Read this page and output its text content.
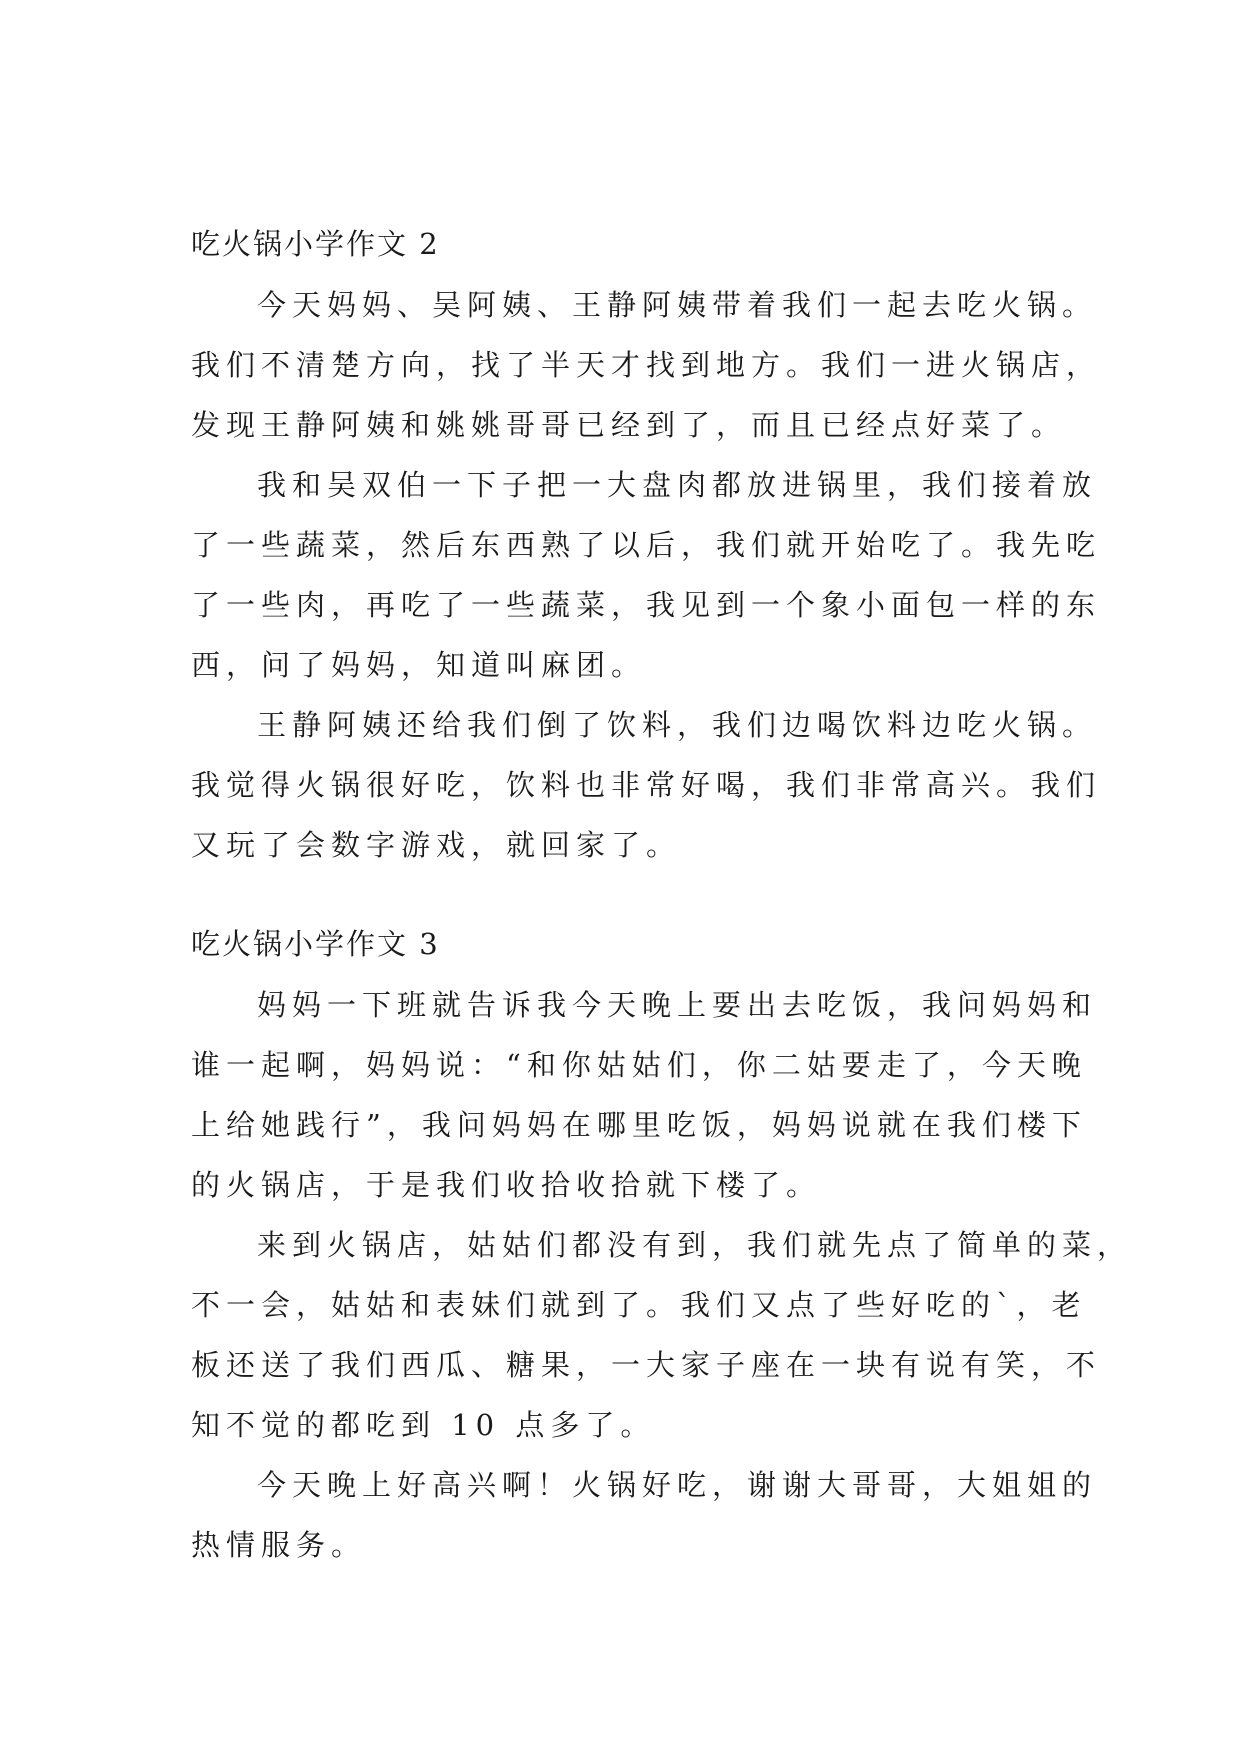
吃火锅小学作文 2
今天妈妈、吴阿姨、王静阿姨带着我们一起去吃火锅。
我们不清楚方向，找了半天才找到地方。我们一进火锅店，
发现王静阿姨和姚姚哥哥已经到了，而且已经点好菜了。
我和吴双伯一下子把一大盘肉都放进锅里，我们接着放
了一些蔬菜，然后东西熟了以后，我们就开始吃了。我先吃
了一些肉，再吃了一些蔬菜，我见到一个象小面包一样的东
西，问了妈妈，知道叫麻团。
王静阿姨还给我们倒了饮料，我们边喝饮料边吃火锅。
我觉得火锅很好吃，饮料也非常好喝，我们非常高兴。我们
又玩了会数字游戏，就回家了。
吃火锅小学作文 3
妈妈一下班就告诉我今天晚上要出去吃饭，我问妈妈和
谁一起啊，妈妈说：“和你姑姑们，你二姑要走了，今天晚
上给她践行”，我问妈妈在哪里吃饭，妈妈说就在我们楼下
的火锅店，于是我们收拾收拾就下楼了。
来到火锅店，姑姑们都没有到，我们就先点了简单的菜，
不一会，姑姑和表妹们就到了。我们又点了些好吃的`，老
板还送了我们西瓜、糖果，一大家子座在一块有说有笑，不
知不觉的都吃到 10 点多了。
今天晚上好高兴啊！火锅好吃，谢谢大哥哥，大姐姐的
热情服务。
